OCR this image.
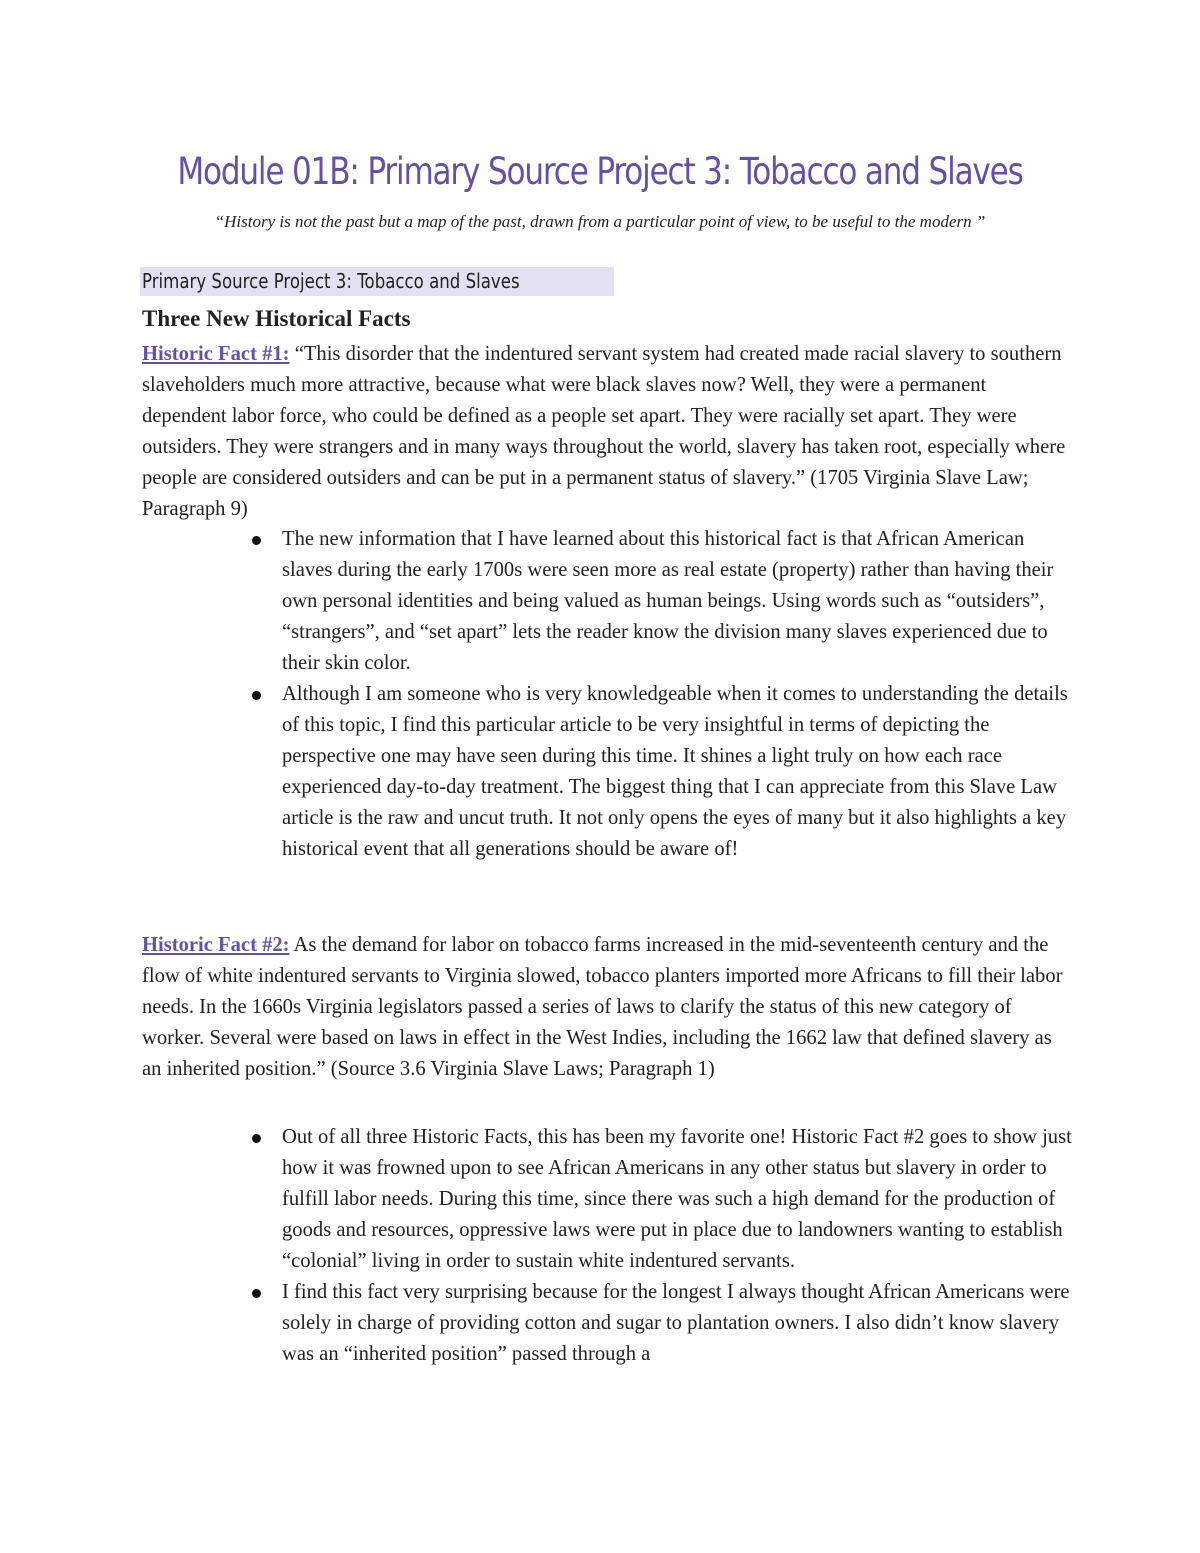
Module 01B: Primary Source Project 3: Tobacco and Slaves
“History is not the past but a map of the past, drawn from a particular point of view, to be useful to the modern ”
Primary Source Project 3: Tobacco and Slaves
Three New Historical Facts

Historic Fact #1: “This disorder that the indentured servant system had created made racial slavery to southern slaveholders much more attractive, because what were black slaves now? Well, they were a permanent dependent labor force, who could be defined as a people set apart. They were racially set apart. They were outsiders. They were strangers and in many ways throughout the world, slavery has taken root, especially where people are considered outsiders and can be put in a permanent status of slavery.” (1705 Virginia Slave Law; Paragraph 9)

The new information that I have learned about this historical fact is that African American slaves during the early 1700s were seen more as real estate (property) rather than having their own personal identities and being valued as human beings. Using words such as “outsiders”, “strangers”, and “set apart” lets the reader know the division many slaves experienced due to their skin color.
Although I am someone who is very knowledgeable when it comes to understanding the details of this topic, I find this particular article to be very insightful in terms of depicting the perspective one may have seen during this time. It shines a light truly on how each race experienced day-to-day treatment. The biggest thing that I can appreciate from this Slave Law article is the raw and uncut truth. It not only opens the eyes of many but it also highlights a key historical event that all generations should be aware of!

Historic Fact #2: As the demand for labor on tobacco farms increased in the mid-seventeenth century and the flow of white indentured servants to Virginia slowed, tobacco planters imported more Africans to fill their labor needs. In the 1660s Virginia legislators passed a series of laws to clarify the status of this new category of worker. Several were based on laws in effect in the West Indies, including the 1662 law that defined slavery as an inherited position.” (Source 3.6 Virginia Slave Laws; Paragraph 1)

Out of all three Historic Facts, this has been my favorite one! Historic Fact #2 goes to show just how it was frowned upon to see African Americans in any other status but slavery in order to fulfill labor needs. During this time, since there was such a high demand for the production of goods and resources, oppressive laws were put in place due to landowners wanting to establish “colonial” living in order to sustain white indentured servants.
I find this fact very surprising because for the longest I always thought African Americans were solely in charge of providing cotton and sugar to plantation owners. I also didn’t know slavery was an “inherited position” passed through a
